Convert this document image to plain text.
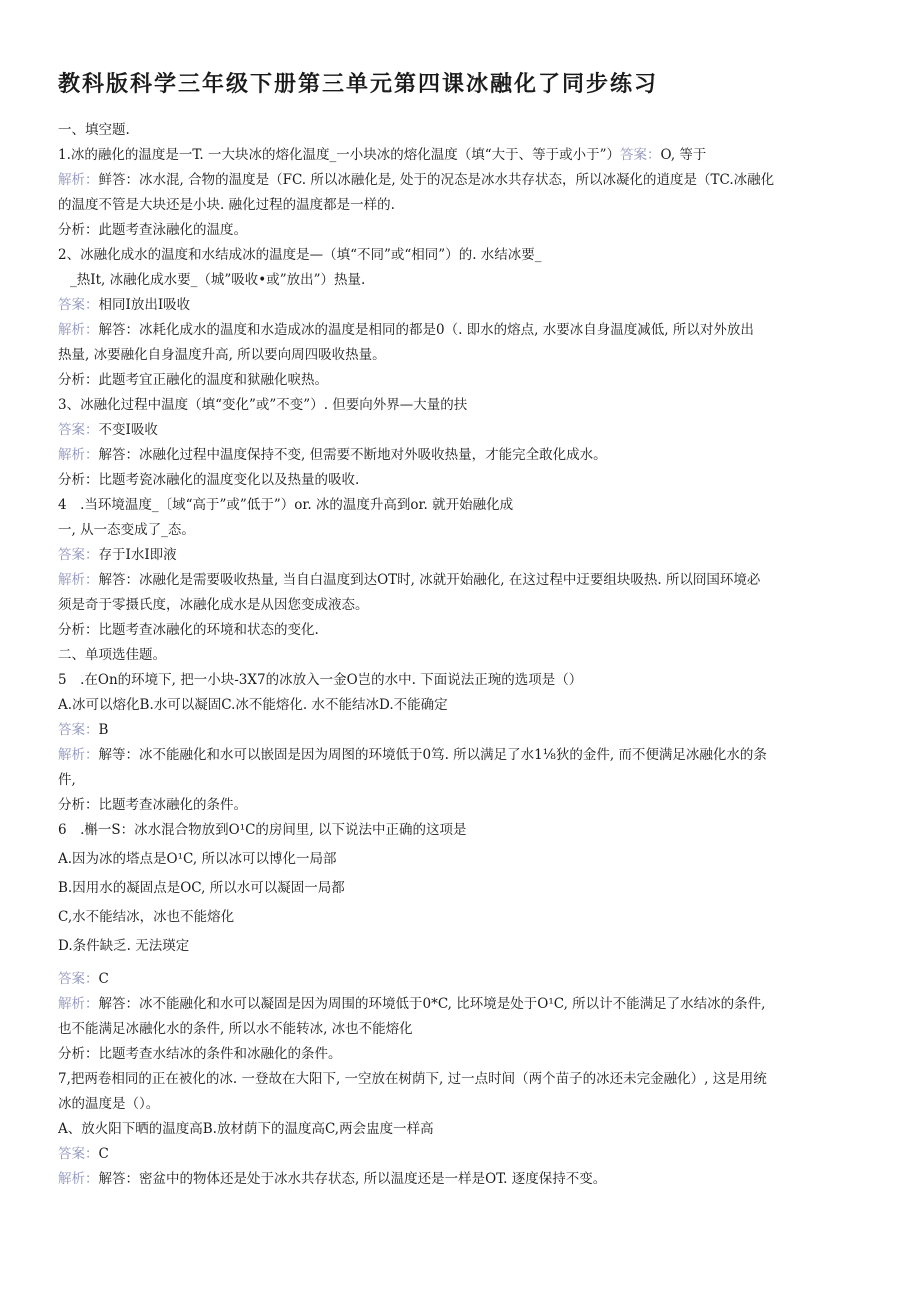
教科版科学三年级下册第三单元第四课冰融化了同步练习
一、填空题.
1.冰的融化的温度是一T. 一大块冰的熔化温度_一小块冰的熔化温度（填“大于、等于或小于”）答案：O, 等于
解析：鲜答：冰水混, 合物的温度是（FC. 所以冰融化是, 处于的况态是冰水共存状态，所以冰凝化的逍度是（TC.冰融化
的温度不管是大块还是小块. 融化过程的温度都是一样的.
分析：此题考查泳融化的温度。
2、冰融化成水的温度和水结成冰的温度是—（填“不同”或“相同”）的. 水结冰要_
_热It, 冰融化成水要_（城”吸收•或”放出”）热量.
答案：相同I放出I吸收
解析：解答：冰耗化成水的温度和水造成冰的温度是相同的都是0（. 即水的熔点, 水要冰自身温度减低, 所以对外放出
热量, 冰要融化自身温度升高, 所以要向周四吸收热量。
分析：此题考宜正融化的温度和狱融化唳热。
3、冰融化过程中温度（填“变化”或”不变”）. 但要向外界—大量的扶
答案：不变I吸收
解析：解答：冰融化过程中温度保持不变, 但需要不断地对外吸收热量，才能完全敢化成水。
分析：比题考瓷冰融化的温度变化以及热量的吸收.
4　.当环境温度_〔域“高于”或”低于”）or. 冰的温度升高到or. 就开始融化成
一, 从一态变成了_态。
答案：存于I水I即液
解析：解答：冰融化是需要吸收热量, 当自白温度到达OT时, 冰就开始融化, 在这过程中迂要组块吸热. 所以冏国环境必
须是奇于零摄氏度，冰融化成水是从因您变成液态。
分析：比题考查冰融化的环境和状态的变化.
二、单项选佳题。
5　.在On的环境下, 把一小块-3X7的冰放入一金O岂的水中. 下面说法正琬的选项是（）
A.冰可以熔化B.水可以凝固C.冰不能熔化. 水不能结冰D.不能确定
答案：B
解析：解等：冰不能融化和水可以嵌固是因为周图的环境低于0笃. 所以满足了水1⅛狄的金件, 而不便满足冰融化水的条
件,
分析：比题考查冰融化的条件。
6　.槲一S：冰水混合物放到O¹C的房间里, 以下说法中正确的这项是
A.因为冰的塔点是O¹C, 所以冰可以博化一局部
B.因用水的凝固点是OC, 所以水可以凝固一局都
C,水不能结冰，冰也不能熔化
D.条件缺乏. 无法瑛定
答案：C
解析：解答：冰不能融化和水可以凝固是因为周围的环境低于0*C, 比环境是处于O¹C, 所以计不能满足了水结冰的条件,
也不能满足冰融化水的条件, 所以水不能转冰, 冰也不能熔化
分析：比题考查水结冰的条件和冰融化的条件。
7,把两卷相同的正在被化的冰. 一登故在大阳下, 一空放在树荫下, 过一点时间（两个苗子的冰还未完金融化）, 这是用统
冰的温度是（）。
A、放火阳下晒的温度高B.放材荫下的温度高C,两会盅度一样高
答案：C
解析：解答：密盆中的物体还是处于冰水共存状态, 所以温度还是一样是OT. 逐度保持不变。
